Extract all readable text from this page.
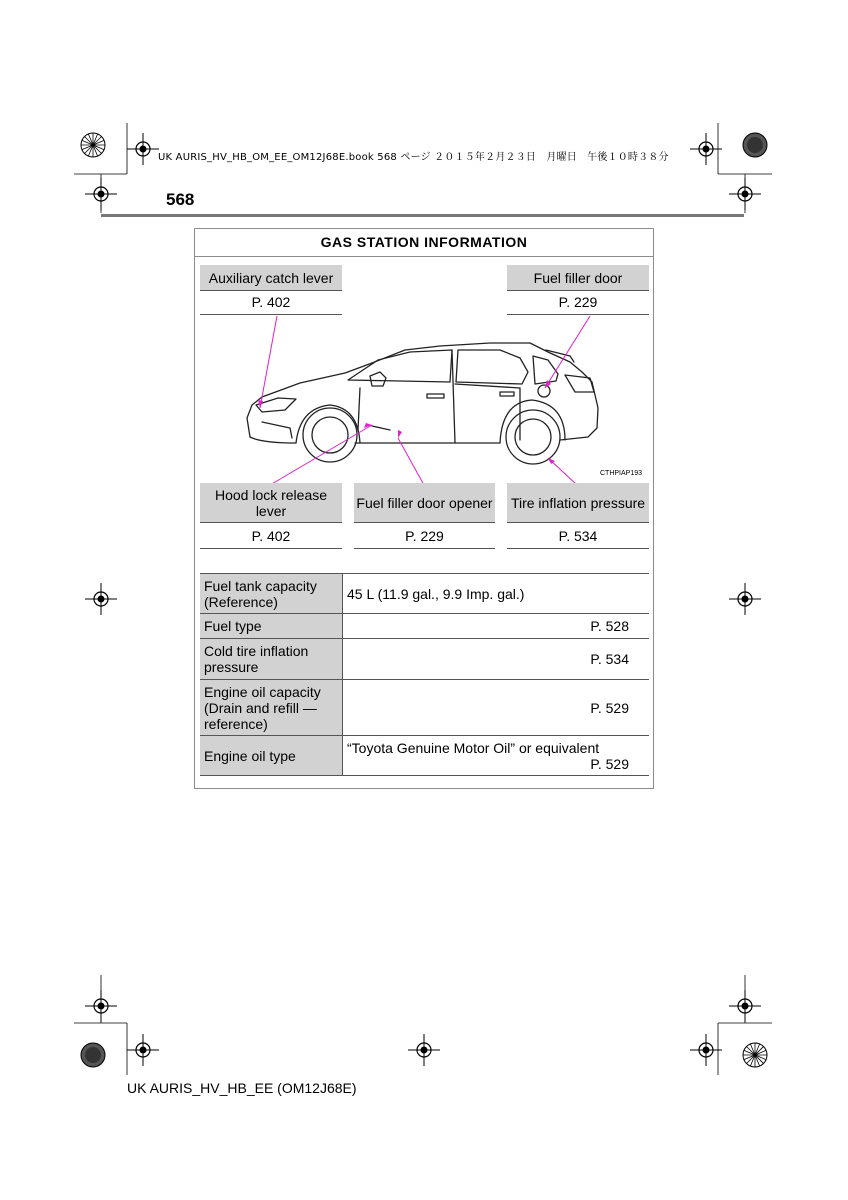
UK AURIS_HV_HB_OM_EE_OM12J68E.book 568 ページ ２０１５年２月２３日　月曜日　午後１０時３８分
568
GAS STATION INFORMATION
Auxiliary catch lever
P. 402
Fuel filler door
P. 229
CTHPIAP193
Hood lock release lever
P. 402
Fuel filler door opener
P. 229
Tire inflation pressure
P. 534
Fuel tank capacity (Reference)	45 L (11.9 gal., 9.9 Imp. gal.)
Fuel type	P. 528
Cold tire inflation pressure	P. 534
Engine oil capacity (Drain and refill — reference)	P. 529
Engine oil type	“Toyota Genuine Motor Oil” or equivalent
P. 529
UK AURIS_HV_HB_EE (OM12J68E)
